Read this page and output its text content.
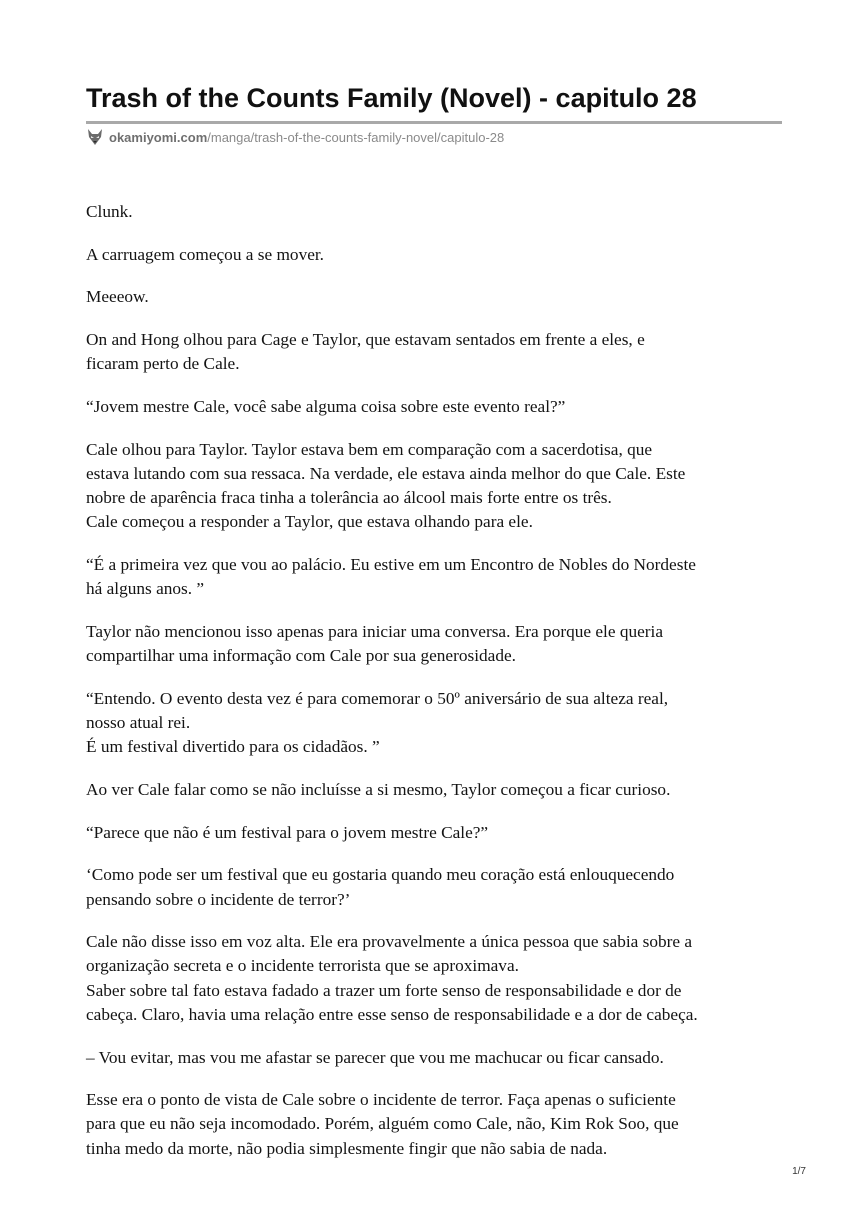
Trash of the Counts Family (Novel) - capitulo 28
okamiyomi.com/manga/trash-of-the-counts-family-novel/capitulo-28

Clunk.

A carruagem começou a se mover.

Meeeow.

On and Hong olhou para Cage e Taylor, que estavam sentados em frente a eles, e
ficaram perto de Cale.

“Jovem mestre Cale, você sabe alguma coisa sobre este evento real?”

Cale olhou para Taylor. Taylor estava bem em comparação com a sacerdotisa, que
estava lutando com sua ressaca. Na verdade, ele estava ainda melhor do que Cale. Este
nobre de aparência fraca tinha a tolerância ao álcool mais forte entre os três.
Cale começou a responder a Taylor, que estava olhando para ele.

“É a primeira vez que vou ao palácio. Eu estive em um Encontro de Nobles do Nordeste
há alguns anos. ”

Taylor não mencionou isso apenas para iniciar uma conversa. Era porque ele queria
compartilhar uma informação com Cale por sua generosidade.

“Entendo. O evento desta vez é para comemorar o 50º aniversário de sua alteza real,
nosso atual rei.
É um festival divertido para os cidadãos. ”

Ao ver Cale falar como se não incluísse a si mesmo, Taylor começou a ficar curioso.

“Parece que não é um festival para o jovem mestre Cale?”

‘Como pode ser um festival que eu gostaria quando meu coração está enlouquecendo
pensando sobre o incidente de terror?’

Cale não disse isso em voz alta. Ele era provavelmente a única pessoa que sabia sobre a
organização secreta e o incidente terrorista que se aproximava.
Saber sobre tal fato estava fadado a trazer um forte senso de responsabilidade e dor de
cabeça. Claro, havia uma relação entre esse senso de responsabilidade e a dor de cabeça.

– Vou evitar, mas vou me afastar se parecer que vou me machucar ou ficar cansado.

Esse era o ponto de vista de Cale sobre o incidente de terror. Faça apenas o suficiente
para que eu não seja incomodado. Porém, alguém como Cale, não, Kim Rok Soo, que
tinha medo da morte, não podia simplesmente fingir que não sabia de nada.

1/7
